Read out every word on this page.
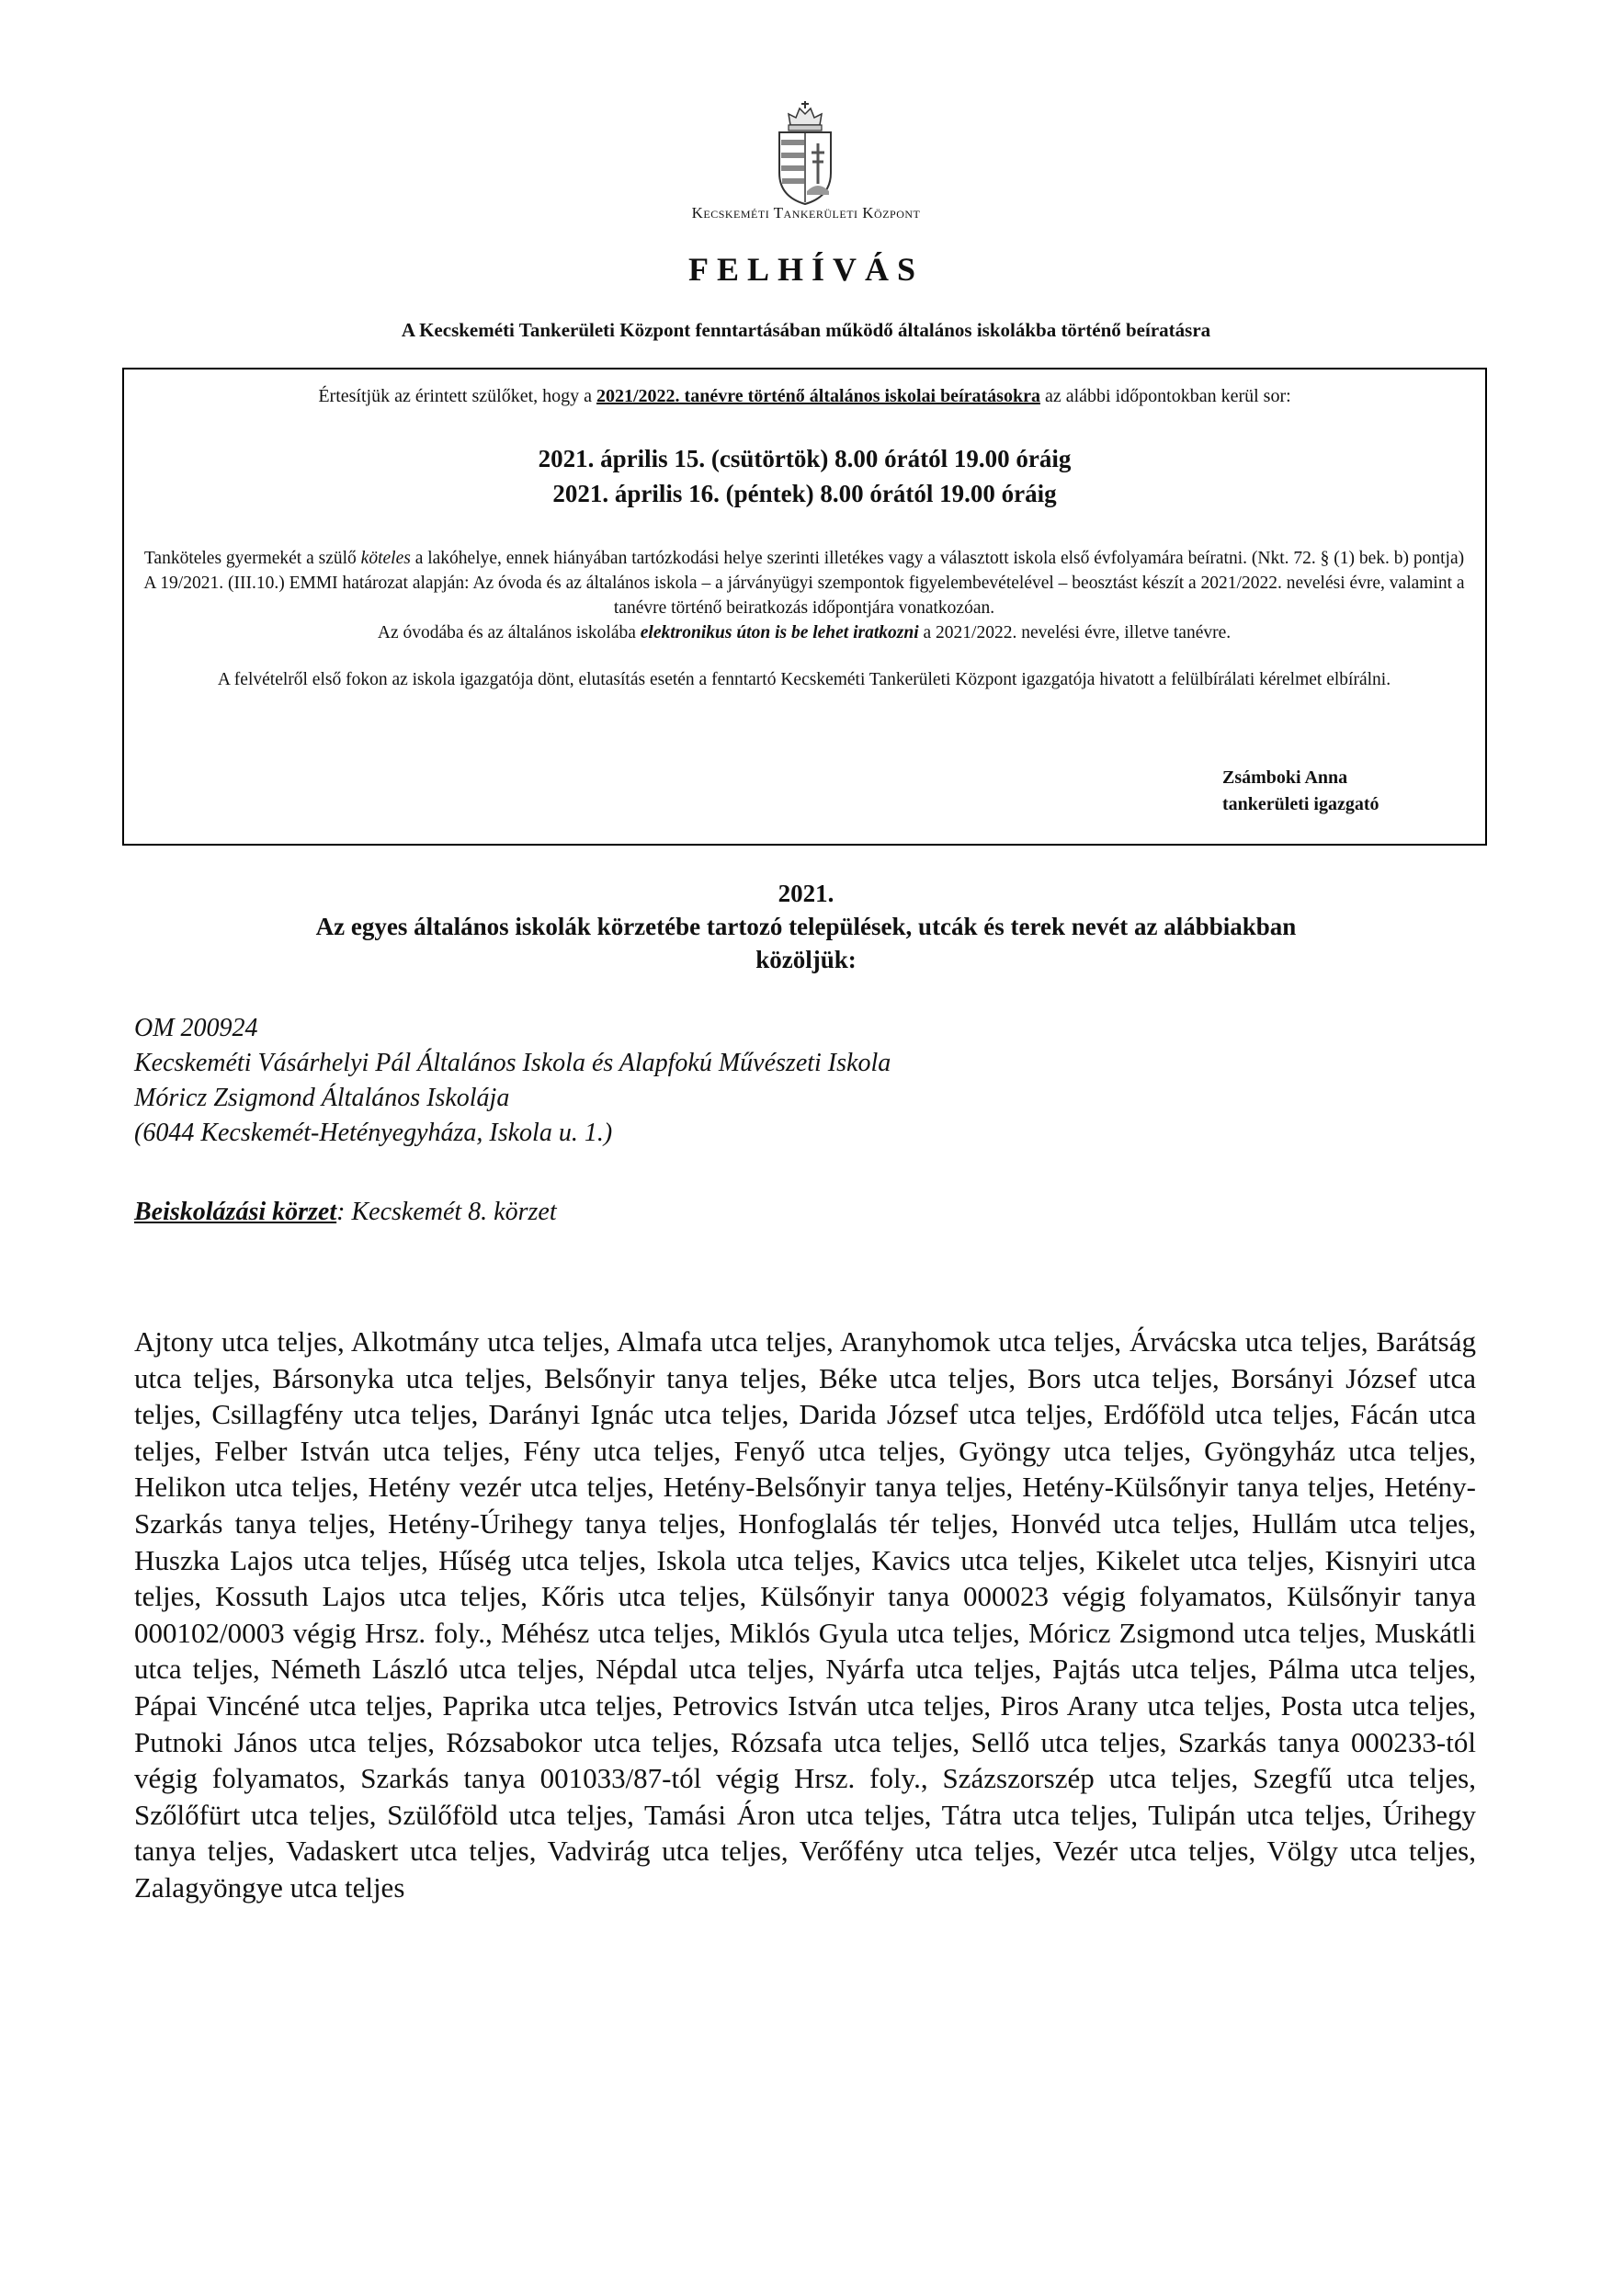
Kecskeméti Tankerületi Központ
FELHÍVÁS
A Kecskeméti Tankerületi Központ fenntartásában működő általános iskolákba történő beíratásra
Értesítjük az érintett szülőket, hogy a 2021/2022. tanévre történő általános iskolai beíratásokra az alábbi időpontokban kerül sor:
2021. április 15. (csütörtök) 8.00 órától 19.00 óráig
2021. április 16. (péntek) 8.00 órától 19.00 óráig

Tanköteles gyermekét a szülő köteles a lakóhelye, ennek hiányában tartózkodási helye szerinti illetékes vagy a választott iskola első évfolyamára beíratni. (Nkt. 72. § (1) bek. b) pontja)

A 19/2021. (III.10.) EMMI határozat alapján: Az óvoda és az általános iskola – a járványügyi szempontok figyelembevételével – beosztást készít a 2021/2022. nevelési évre, valamint a tanévre történő beiratkozás időpontjára vonatkozóan.

Az óvodába és az általános iskolába elektronikus úton is be lehet iratkozni a 2021/2022. nevelési évre, illetve tanévre.

A felvételről első fokon az iskola igazgatója dönt, elutasítás esetén a fenntartó Kecskeméti Tankerületi Központ igazgatója hivatott a felülbírálati kérelmet elbírálni.

Zsámboki Anna
tankerületi igazgató
2021.
Az egyes általános iskolák körzetébe tartozó települések, utcák és terek nevét az alábbiakban
közöljük:
OM 200924
Kecskeméti Vásárhelyi Pál Általános Iskola és Alapfokú Művészeti Iskola
Móricz Zsigmond Általános Iskolája
(6044 Kecskemét-Hetényegyháza, Iskola u. 1.)
Beiskolázási körzet: Kecskemét 8. körzet
Ajtony utca teljes, Alkotmány utca teljes, Almafa utca teljes, Aranyhomok utca teljes, Árvácska utca teljes, Barátság utca teljes, Bársonyka utca teljes, Belsőnyir tanya teljes, Béke utca teljes, Bors utca teljes, Borsányi József utca teljes, Csillagfény utca teljes, Darányi Ignác utca teljes, Darida József utca teljes, Erdőföld utca teljes, Fácán utca teljes, Felber István utca teljes, Fény utca teljes, Fenyő utca teljes, Gyöngy utca teljes, Gyöngyház utca teljes, Helikon utca teljes, Hetény vezér utca teljes, Hetény-Belsőnyir tanya teljes, Hetény-Külsőnyir tanya teljes, Hetény-Szarkás tanya teljes, Hetény-Úrihegy tanya teljes, Honfoglalás tér teljes, Honvéd utca teljes, Hullám utca teljes, Huszka Lajos utca teljes, Hűség utca teljes, Iskola utca teljes, Kavics utca teljes, Kikelet utca teljes, Kisnyiri utca teljes, Kossuth Lajos utca teljes, Kőris utca teljes, Külsőnyir tanya 000023 végig folyamatos, Külsőnyir tanya 000102/0003 végig Hrsz. foly., Méhész utca teljes, Miklós Gyula utca teljes, Móricz Zsigmond utca teljes, Muskátli utca teljes, Németh László utca teljes, Népdal utca teljes, Nyárfa utca teljes, Pajtás utca teljes, Pálma utca teljes, Pápai Vincéné utca teljes, Paprika utca teljes, Petrovics István utca teljes, Piros Arany utca teljes, Posta utca teljes, Putnoki János utca teljes, Rózsabokor utca teljes, Rózsafa utca teljes, Sellő utca teljes, Szarkás tanya 000233-tól végig folyamatos, Szarkás tanya 001033/87-tól végig Hrsz. foly., Százszorszép utca teljes, Szegfű utca teljes, Szőlőfürt utca teljes, Szülőföld utca teljes, Tamási Áron utca teljes, Tátra utca teljes, Tulipán utca teljes, Úrihegy tanya teljes, Vadaskert utca teljes, Vadvirág utca teljes, Verőfény utca teljes, Vezér utca teljes, Völgy utca teljes, Zalagyöngye utca teljes
